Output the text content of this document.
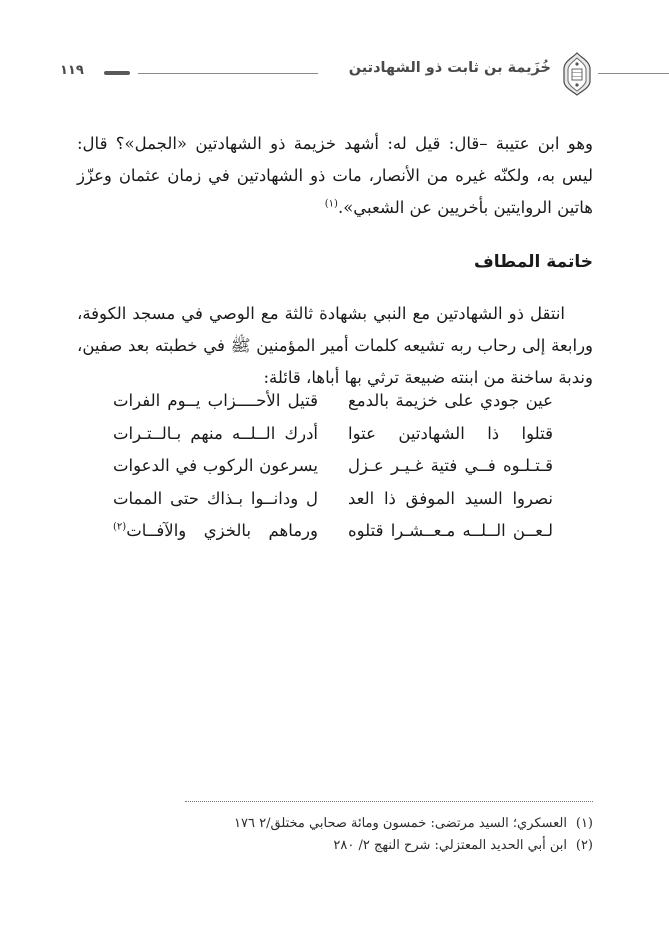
خُزَيمة بن ثابت ذو الشهادتين
١١٩

وهو ابن عتيبة –قال: قيل له: أشهد خزيمة ذو الشهادتين «الجمل»؟ قال: ليس به، ولكنّه غيره من الأنصار، مات ذو الشهادتين في زمان عثمان وعزّز هاتين الروايتين بأخريين عن الشعبي».$^{(١)}$

خاتمة المطاف

انتقل ذو الشهادتين مع النبي بشهادة ثالثة مع الوصي في مسجد الكوفة، ورابعة إلى رحاب ربه تشيعه كلمات أمير المؤمنين ﷺ في خطبته بعد صفين، وندبة ساخنة من ابنته ضبيعة ترثي بها أباها، قائلة:

عين جودي على خزيمة بالدمع
قتيل الأحــــزاب يــوم الفرات
قتلوا ذا الشهادتين عتوا
أدرك الــلــه منهم بـالــتـرات
قـتـلـوه فــي فتية غـيـر عـزل
يسرعون الركوب في الدعوات
نصروا السيد الموفق ذا العد
ل ودانــوا بـذاك حتى الممات
لـعــن الــلــه مـعــشـرا قتلوه
ورماهم بالخزي والآفــات$^{(٢)}$
(١)
العسكري؛ السيد مرتضى: خمسون ومائة صحابي مختلق/٢ ١٧٦
(٢)
ابن أبي الحديد المعتزلي: شرح النهج ٢/ ٢٨٠
